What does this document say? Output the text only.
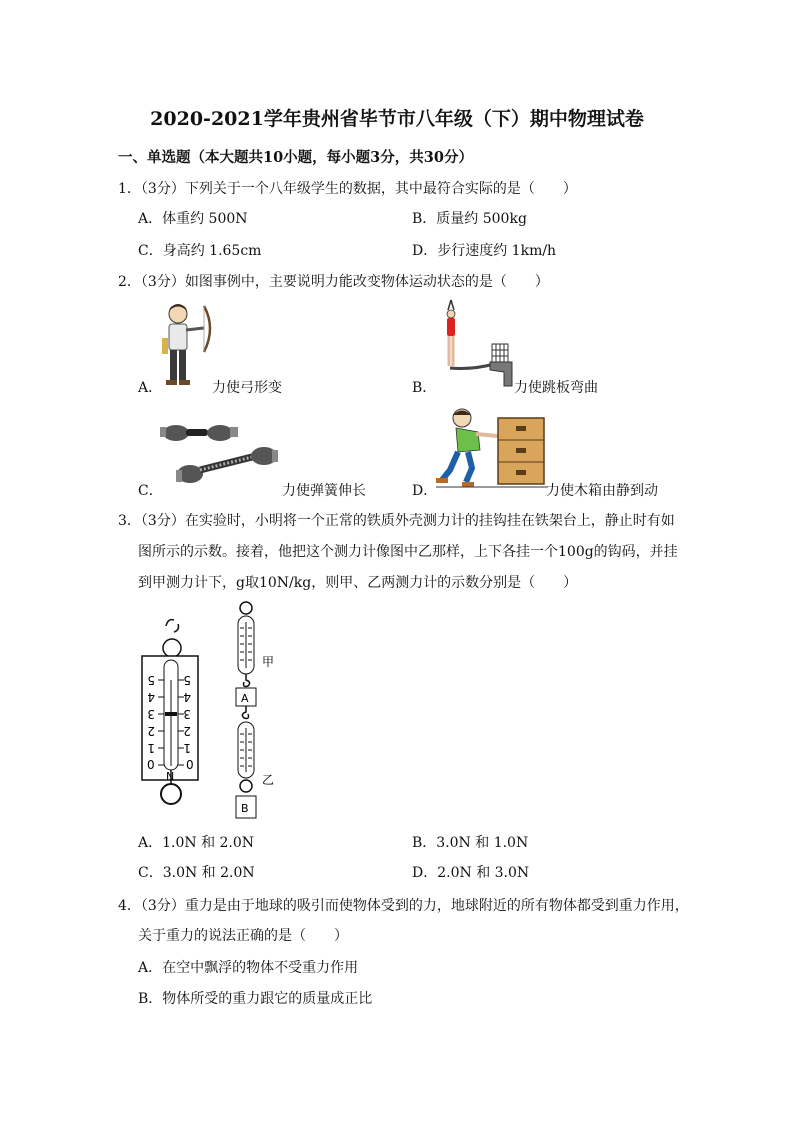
2020-2021学年贵州省毕节市八年级（下）期中物理试卷
一、单选题（本大题共10小题，每小题3分，共30分）
1．（3分）下列关于一个八年级学生的数据，其中最符合实际的是（　　）
A．体重约 500N	B．质量约 500kg
C．身高约 1.65cm	D．步行速度约 1km/h
2．（3分）如图事例中，主要说明力能改变物体运动状态的是（　　）
A．	力使弓形变	B．	力使跳板弯曲
C．	力使弹簧伸长	D．	力使木箱由静到动
3．（3分）在实验时，小明将一个正常的铁质外壳测力计的挂钩挂在铁架台上，静止时有如
图所示的示数。接着，他把这个测力计像图中乙那样，上下各挂一个100g的钩码，并挂
到甲测力计下，g取10N/kg，则甲、乙两测力计的示数分别是（　　）
5
4
3
2
1
0
5
4
3
2
1
0
N
A
B
甲
乙
A．1.0N 和 2.0N	B．3.0N 和 1.0N
C．3.0N 和 2.0N	D．2.0N 和 3.0N
4．（3分）重力是由于地球的吸引而使物体受到的力，地球附近的所有物体都受到重力作用，
关于重力的说法正确的是（　　）
A．在空中飘浮的物体不受重力作用
B．物体所受的重力跟它的质量成正比
